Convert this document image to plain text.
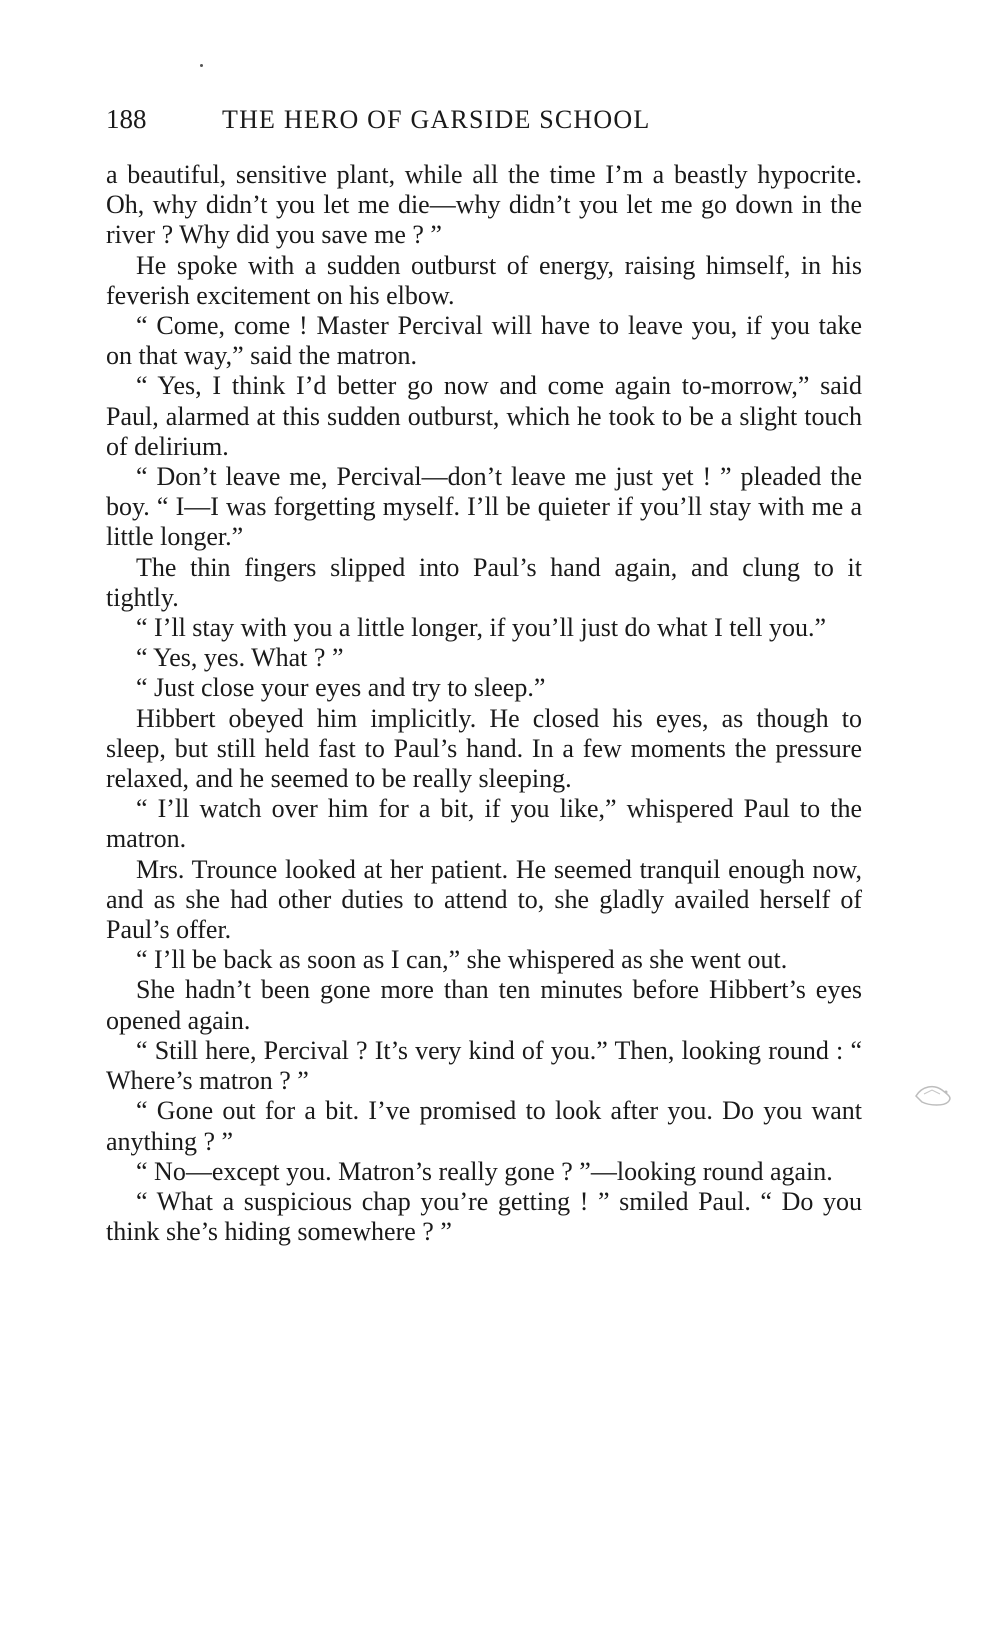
188	THE HERO OF GARSIDE SCHOOL

a beautiful, sensitive plant, while all the time I’m a beastly hypocrite. Oh, why didn’t you let me die—why didn’t you let me go down in the river ? Why did you save me ? ”

He spoke with a sudden outburst of energy, raising himself, in his feverish excitement on his elbow.

“ Come, come ! Master Percival will have to leave you, if you take on that way,” said the matron.

“ Yes, I think I’d better go now and come again to-morrow,” said Paul, alarmed at this sudden outburst, which he took to be a slight touch of delirium.

“ Don’t leave me, Percival—don’t leave me just yet ! ” pleaded the boy. “ I—I was forgetting myself. I’ll be quieter if you’ll stay with me a little longer.”

The thin fingers slipped into Paul’s hand again, and clung to it tightly.

“ I’ll stay with you a little longer, if you’ll just do what I tell you.”

“ Yes, yes. What ? ”

“ Just close your eyes and try to sleep.”

Hibbert obeyed him implicitly. He closed his eyes, as though to sleep, but still held fast to Paul’s hand. In a few moments the pressure relaxed, and he seemed to be really sleeping.

“ I’ll watch over him for a bit, if you like,” whispered Paul to the matron.

Mrs. Trounce looked at her patient. He seemed tranquil enough now, and as she had other duties to attend to, she gladly availed herself of Paul’s offer.

“ I’ll be back as soon as I can,” she whispered as she went out.

She hadn’t been gone more than ten minutes before Hibbert’s eyes opened again.

“ Still here, Percival ? It’s very kind of you.” Then, looking round : “ Where’s matron ? ”

“ Gone out for a bit. I’ve promised to look after you. Do you want anything ? ”

“ No—except you. Matron’s really gone ? ”—looking round again.

“ What a suspicious chap you’re getting ! ” smiled Paul. “ Do you think she’s hiding somewhere ? ”
